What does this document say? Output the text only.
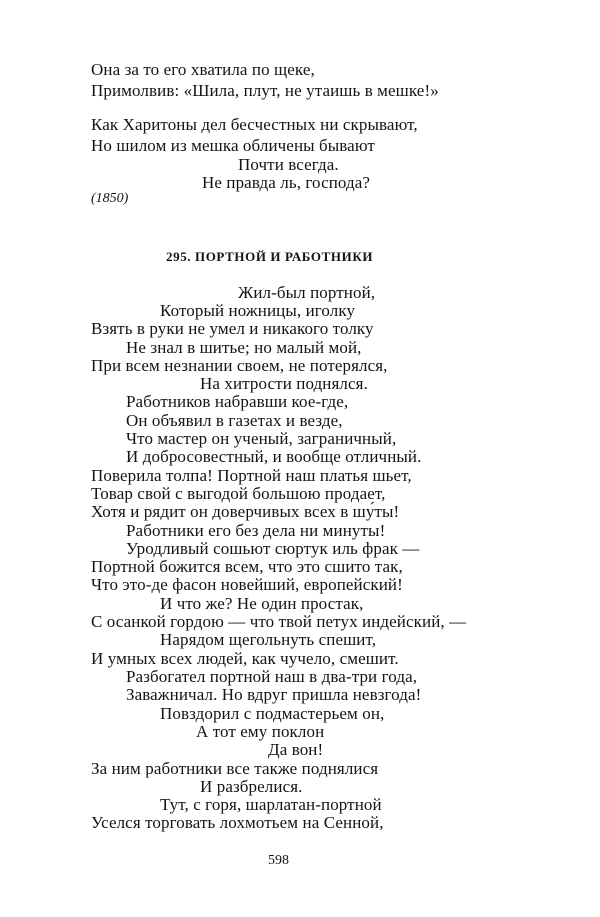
Она за то его хватила по щеке,
Примолвив: «Шила, плут, не утаишь в мешке!»
Как Харитоны дел бесчестных ни скрывают,
Но шилом из мешка обличены бывают
Почти всегда.
Не правда ль, господа?
(1850)
295. ПОРТНОЙ И РАБОТНИКИ
Жил-был портной,
Который ножницы, иголку
Взять в руки не умел и никакого толку
Не знал в шитье; но малый мой,
При всем незнании своем, не потерялся,
На хитрости поднялся.
Работников набравши кое-где,
Он объявил в газетах и везде,
Что мастер он ученый, заграничный,
И добросовестный, и вообще отличный.
Поверила толпа! Портной наш платья шьет,
Товар свой с выгодой большою продает,
Хотя и рядит он доверчивых всех в шу́ты!
Работники его без дела ни минуты!
Уродливый сошьют сюртук иль фрак —
Портной божится всем, что это сшито так,
Что это-де фасон новейший, европейский!
И что же? Не один простак,
С осанкой гордою — что твой петух индейский, —
Нарядом щегольнуть спешит,
И умных всех людей, как чучело, смешит.
Разбогател портной наш в два-три года,
Заважничал. Но вдруг пришла невзгода!
Повздорил с подмастерьем он,
А тот ему поклон
Да вон!
За ним работники все также поднялися
И разбрелися.
Тут, с горя, шарлатан-портной
Уселся торговать лохмотьем на Сенной,
598
